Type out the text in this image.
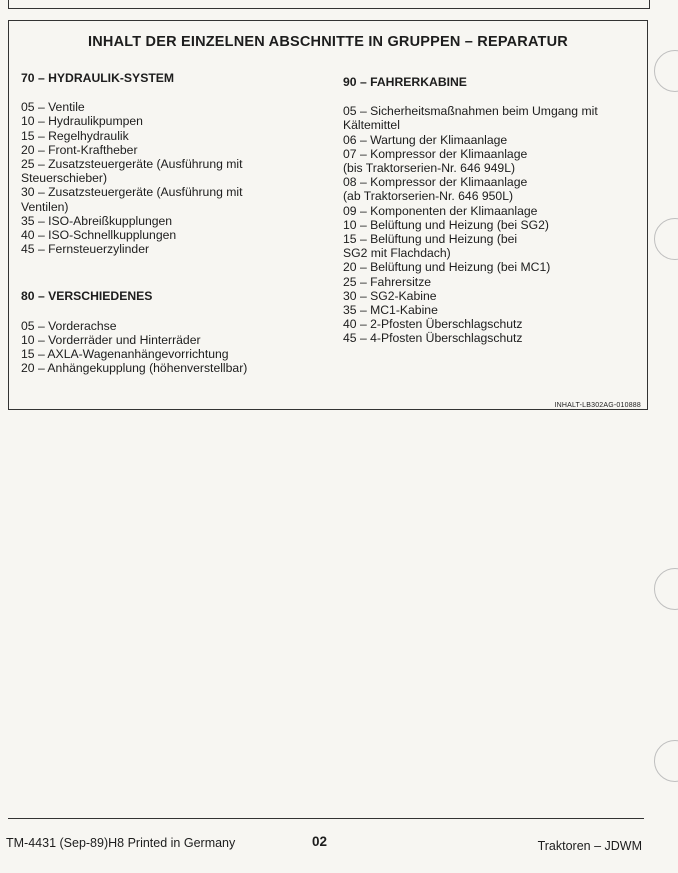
INHALT DER EINZELNEN ABSCHNITTE IN GRUPPEN – REPARATUR
70 – HYDRAULIK-SYSTEM
05 – Ventile
10 – Hydraulikpumpen
15 – Regelhydraulik
20 – Front-Kraftheber
25 – Zusatzsteuergeräte (Ausführung mit
Steuerschieber)
30 – Zusatzsteuergeräte (Ausführung mit
Ventilen)
35 – ISO-Abreißkupplungen
40 – ISO-Schnellkupplungen
45 – Fernsteuerzylinder
80 – VERSCHIEDENES
05 – Vorderachse
10 – Vorderräder und Hinterräder
15 – AXLA-Wagenanhängevorrichtung
20 – Anhängekupplung (höhenverstellbar)
90 – FAHRERKABINE
05 – Sicherheitsmaßnahmen beim Umgang mit
Kältemittel
06 – Wartung der Klimaanlage
07 – Kompressor der Klimaanlage
(bis Traktorserien-Nr. 646 949L)
08 – Kompressor der Klimaanlage
(ab Traktorserien-Nr. 646 950L)
09 – Komponenten der Klimaanlage
10 – Belüftung und Heizung (bei SG2)
15 – Belüftung und Heizung (bei
SG2 mit Flachdach)
20 – Belüftung und Heizung (bei MC1)
25 – Fahrersitze
30 – SG2-Kabine
35 – MC1-Kabine
40 – 2-Pfosten Überschlagschutz
45 – 4-Pfosten Überschlagschutz
INHALT-LB302AG-010888
TM-4431 (Sep-89)H8 Printed in Germany	02	Traktoren – JDWM
